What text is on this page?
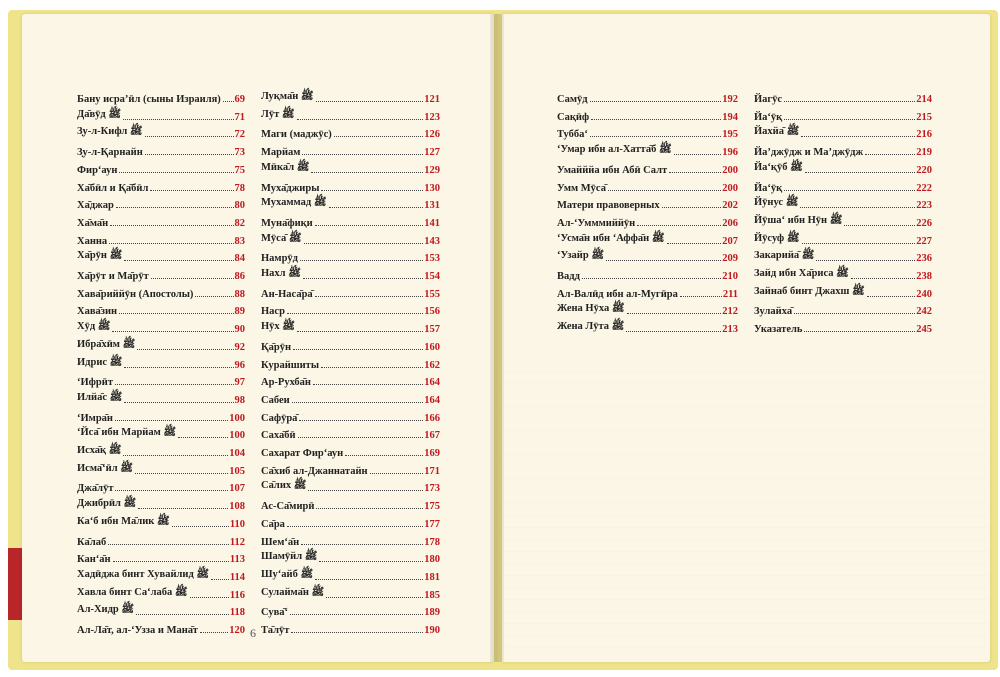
Бану исра’ӣл (сыны Израиля) 69
Да̄вӯд ﷺ	71
З̣у-л-Кифл ﷺ	72
З̣у-л-Қарнайн	73
Фир‘аун	75
Ха̄бӣл и Қа̄бӣл	78
Ха̄джар	80
Ха̄ма̄н	82
Ханна	83
Ха̄рӯн ﷺ	84
Ха̄рӯт и Ма̄рӯт	86
Хава̄риййӯн (Апостолы)	88
Хава̄зин	89
Хӯд ﷺ	90
Ибра̄хӣм ﷺ	92
Идрис ﷺ	96
‘Ифрӣт	97
Илйа̄с ﷺ	98
‘Имра̄н	100
‘Йса̄ ибн Марйам ﷺ	100
Исха̄қ ﷺ	104
Исма̄‘ӣл ﷺ	105
Джа̄лӯт	107
Джибрӣл ﷺ	108
Ка‘б ибн Ма̄лик ﷺ	110
Ка̄лаб	112
Кан‘а̄н	113
Хадӣджа бинт Хувайлид ﷺ 114
Хавла бинт Са‘лаба ﷺ	116
Ал-Хидр ﷺ	118
Ал-Ла̄т, ал-‘Узза и Мана̄т	120
Луқма̄н ﷺ	121
Лӯт ﷺ	123
Маги (маджӯс)	126
Марйам	127
Мӣка̄л ﷺ	129
Муха̄джиры	130
Мухаммад ﷺ	131
Муна̄фиқи	141
Мӯса̄ ﷺ	143
Намрӯд	153
Нахл ﷺ	154
Ан-Наса̄ра̄	155
Наср	156
Нӯх ﷺ	157
Қа̄рӯн	160
Курайшиты	162
Ар-Рухба̄н	164
Сабеи	164
Сафӯра̄	166
Саха̄бӣ	167
Сахарат Фир‘аун	169
Са̄хиб ал-Джаннатайн	171
Са̄лих ﷺ	173
Ас-Са̄мирӣ	175
Са̄ра	177
Шем‘а̄н	178
Шамӯйл ﷺ	180
Шу‘айб ﷺ	181
Сулайма̄н ﷺ	185
Сува̄‘	189
Та̄лӯт	190
Самӯд	192
Сақӣф	194
Тубба‘	195
‘Умар ибн ал-Хатта̄б ﷺ	196
Умайййа ибн Абӣ Салт	200
Умм Мӯса̄	200
Матери правоверных	202
Ал-‘Умммиййӯн	206
‘Усма̄н ибн ‘Аффа̄н ﷺ	207
‘Узайр ﷺ	209
Вадд	210
Ал-Валӣд ибн ал-Мугӣра	211
Жена Нӯха ﷺ	212
Жена Лӯта ﷺ	213
Йагӯс	214
Йа‘ӯқ	215
Йахйа̄ ﷺ	216
Йа’джӯдж и Ма’джӯдж	219
Йа‘қӯб ﷺ	220
Йа‘ӯқ	222
Йӯнус ﷺ	223
Йӯша‘ ибн Нӯн ﷺ	226
Йӯсуф ﷺ	227
Закарийа̄ ﷺ	236
Зайд ибн Ха̄риса ﷺ	238
Зайнаб бинт Джахш ﷺ	240
Зулайха̄	242
Указатель	245
6
